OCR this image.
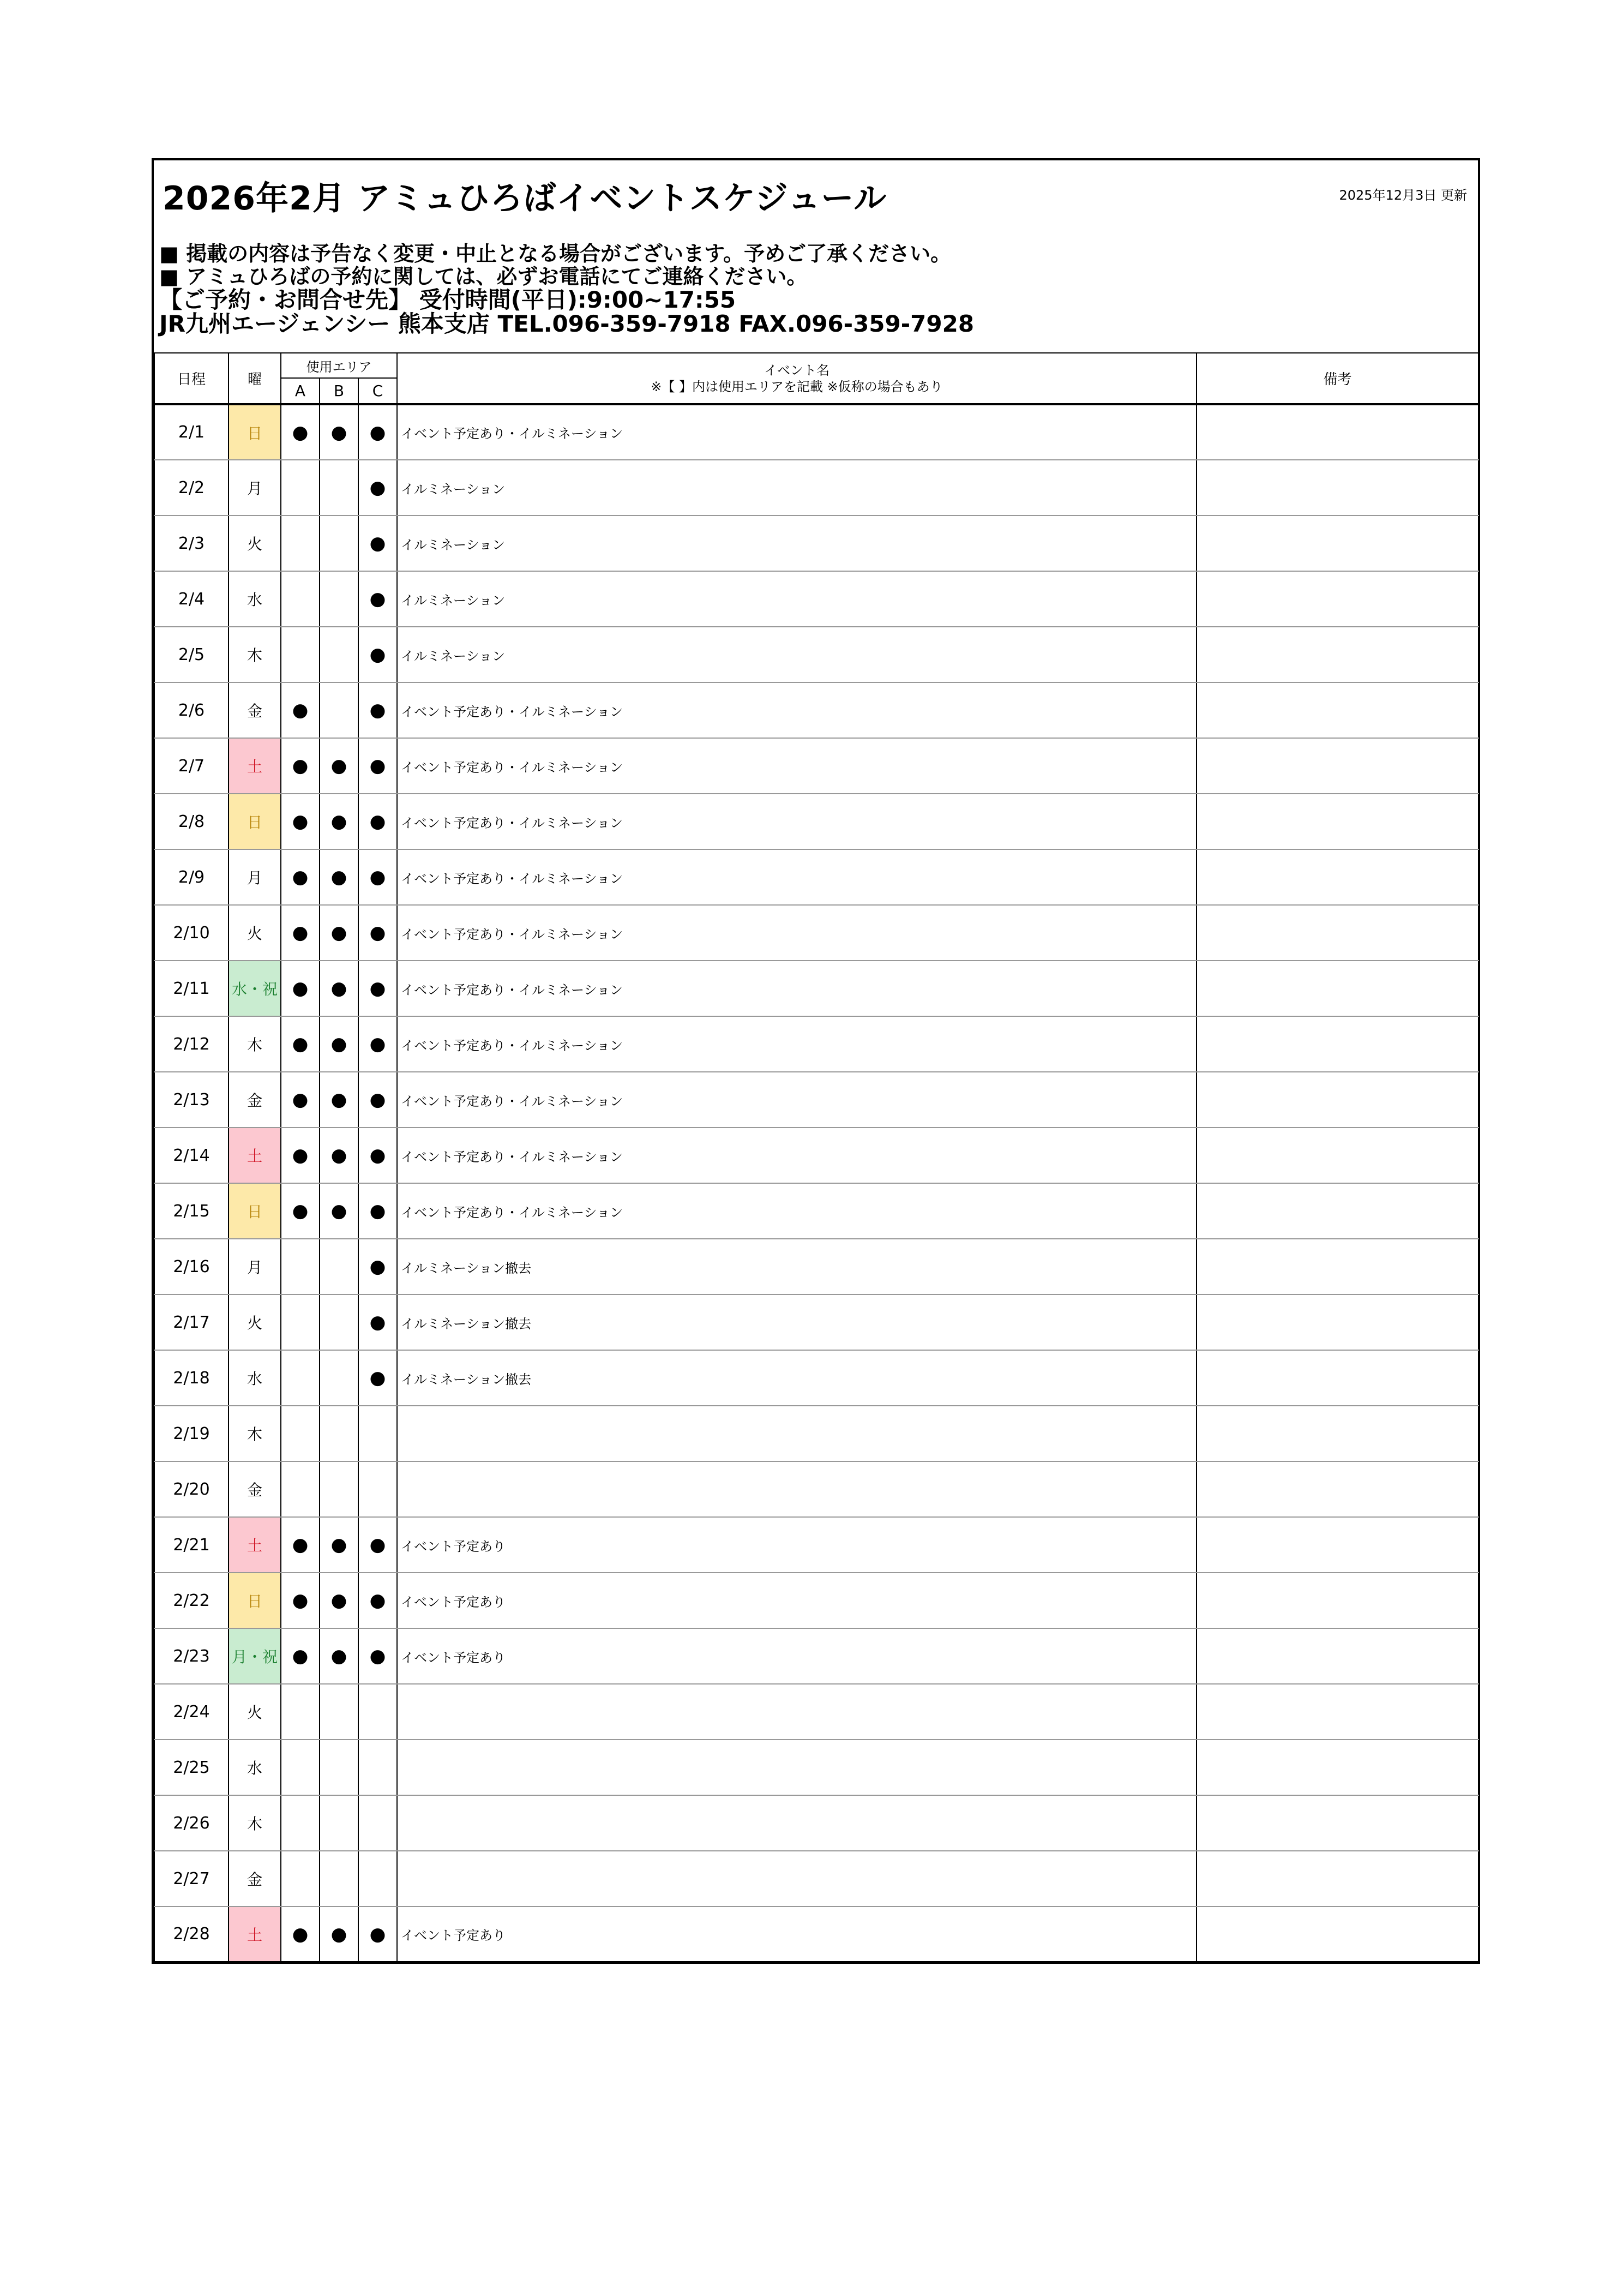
2026年2月 アミュひろばイベントスケジュール	2025年12月3日 更新
■ 掲載の内容は予告なく変更・中止となる場合がございます。予めご了承ください。
■ アミュひろばの予約に関しては、必ずお電話にてご連絡ください。
【ご予約・お問合せ先】 受付時間(平日):9:00~17:55
JR九州エージェンシー 熊本支店 TEL.096-359-7918 FAX.096-359-7928
日程	曜	使用エリア			イベント名
※【 】内は使用エリアを記載 ※仮称の場合もあり	備考
		A	B	C		
2/1	日	●	●	●	イベント予定あり・イルミネーション	
2/2	月			●	イルミネーション	
2/3	火			●	イルミネーション	
2/4	水			●	イルミネーション	
2/5	木			●	イルミネーション	
2/6	金	●		●	イベント予定あり・イルミネーション	
2/7	土	●	●	●	イベント予定あり・イルミネーション	
2/8	日	●	●	●	イベント予定あり・イルミネーション	
2/9	月	●	●	●	イベント予定あり・イルミネーション	
2/10	火	●	●	●	イベント予定あり・イルミネーション	
2/11	水・祝	●	●	●	イベント予定あり・イルミネーション	
2/12	木	●	●	●	イベント予定あり・イルミネーション	
2/13	金	●	●	●	イベント予定あり・イルミネーション	
2/14	土	●	●	●	イベント予定あり・イルミネーション	
2/15	日	●	●	●	イベント予定あり・イルミネーション	
2/16	月			●	イルミネーション撤去	
2/17	火			●	イルミネーション撤去	
2/18	水			●	イルミネーション撤去	
2/19	木					
2/20	金					
2/21	土	●	●	●	イベント予定あり	
2/22	日	●	●	●	イベント予定あり	
2/23	月・祝	●	●	●	イベント予定あり	
2/24	火					
2/25	水					
2/26	木					
2/27	金					
2/28	土	●	●	●	イベント予定あり	
